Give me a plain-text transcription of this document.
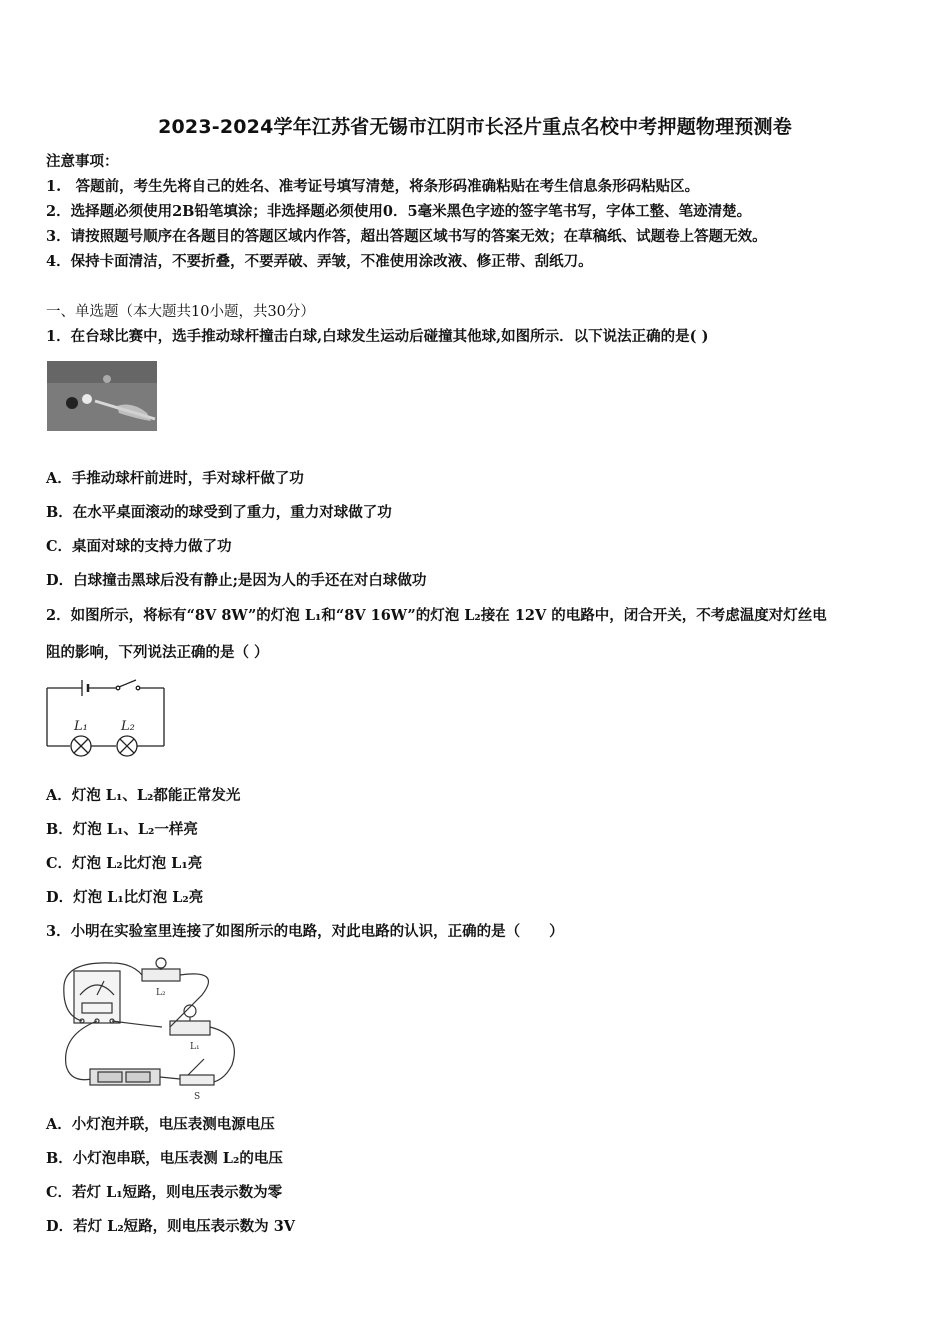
2023-2024学年江苏省无锡市江阴市长泾片重点名校中考押题物理预测卷
注意事项：
1.　答题前，考生先将自己的姓名、准考证号填写清楚，将条形码准确粘贴在考生信息条形码粘贴区。
2．选择题必须使用2B铅笔填涂；非选择题必须使用0．5毫米黑色字迹的签字笔书写，字体工整、笔迹清楚。
3．请按照题号顺序在各题目的答题区域内作答，超出答题区域书写的答案无效；在草稿纸、试题卷上答题无效。
4．保持卡面清洁，不要折叠，不要弄破、弄皱，不准使用涂改液、修正带、刮纸刀。
一、单选题（本大题共10小题，共30分）
1．在台球比赛中，选手推动球杆撞击白球,白球发生运动后碰撞其他球,如图所示．以下说法正确的是( )
A．手推动球杆前进时，手对球杆做了功
B．在水平桌面滚动的球受到了重力，重力对球做了功
C．桌面对球的支持力做了功
D．白球撞击黑球后没有静止;是因为人的手还在对白球做功
2．如图所示，将标有“8V 8W”的灯泡 L₁和“8V 16W”的灯泡 L₂接在 12V 的电路中，闭合开关，不考虑温度对灯丝电
阻的影响，下列说法正确的是（ ）
L₁	L₂
A．灯泡 L₁、L₂都能正常发光
B．灯泡 L₁、L₂一样亮
C．灯泡 L₂比灯泡 L₁亮
D．灯泡 L₁比灯泡 L₂亮
3．小明在实验室里连接了如图所示的电路，对此电路的认识，正确的是（　　）
L₂
L₁
S
A．小灯泡并联，电压表测电源电压
B．小灯泡串联，电压表测 L₂的电压
C．若灯 L₁短路，则电压表示数为零
D．若灯 L₂短路，则电压表示数为 3V
